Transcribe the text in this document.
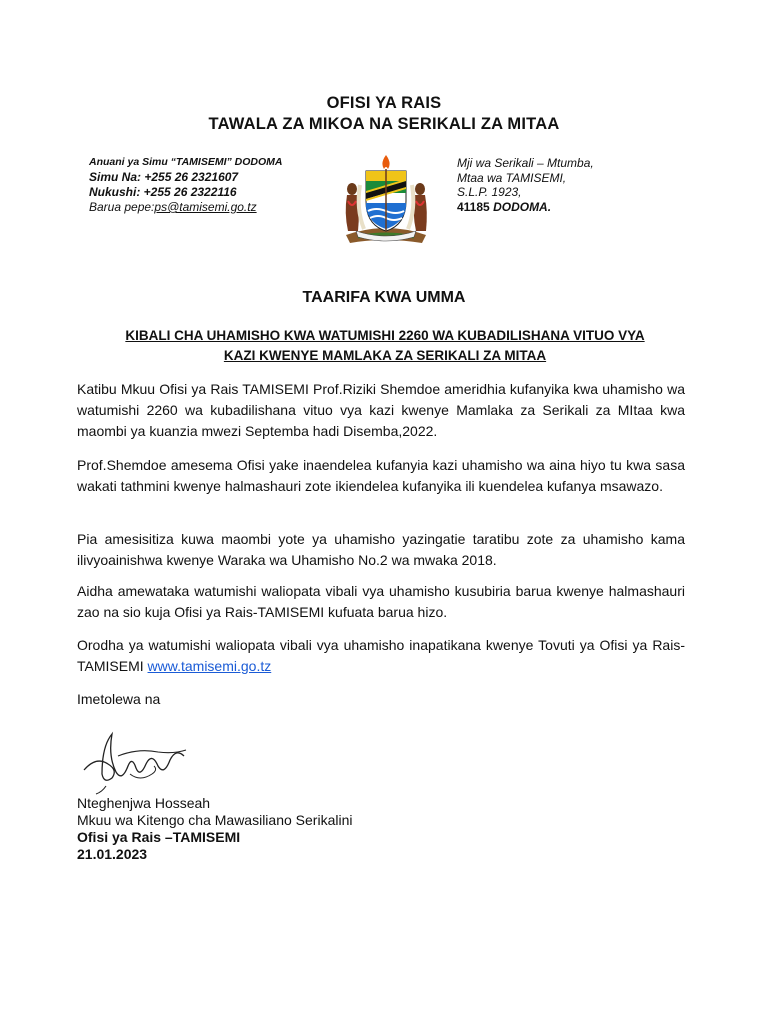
OFISI YA RAIS
TAWALA ZA MIKOA NA SERIKALI ZA MITAA
Anuani ya Simu “TAMISEMI” DODOMA
Simu Na: +255 26 2321607
Nukushi: +255 26 2322116
Barua pepe:ps@tamisemi.go.tz
Mji wa Serikali – Mtumba,
Mtaa wa TAMISEMI,
S.L.P. 1923,
41185 DODOMA.
TAARIFA KWA UMMA
KIBALI CHA UHAMISHO KWA WATUMISHI 2260 WA KUBADILISHANA VITUO VYA
KAZI KWENYE MAMLAKA ZA SERIKALI ZA MITAA

Katibu Mkuu Ofisi ya Rais TAMISEMI Prof.Riziki Shemdoe ameridhia kufanyika kwa uhamisho wa watumishi 2260 wa kubadilishana vituo vya kazi kwenye Mamlaka za Serikali za MItaa kwa maombi ya kuanzia mwezi Septemba hadi Disemba,2022.

Prof.Shemdoe amesema Ofisi yake inaendelea kufanyia kazi uhamisho wa aina hiyo tu kwa sasa wakati tathmini kwenye halmashauri zote ikiendelea kufanyika ili kuendelea kufanya msawazo.

Pia amesisitiza kuwa maombi yote ya uhamisho yazingatie taratibu zote za uhamisho kama ilivyoainishwa kwenye Waraka wa Uhamisho No.2 wa mwaka 2018.

Aidha amewataka watumishi waliopata vibali vya uhamisho kusubiria barua kwenye halmashauri zao na sio kuja Ofisi ya Rais-TAMISEMI kufuata barua hizo.

Orodha ya watumishi waliopata vibali vya uhamisho inapatikana kwenye Tovuti ya Ofisi ya Rais-TAMISEMI www.tamisemi.go.tz

Imetolewa na
Nteghenjwa Hosseah
Mkuu wa Kitengo cha Mawasiliano Serikalini
Ofisi ya Rais –TAMISEMI
21.01.2023
